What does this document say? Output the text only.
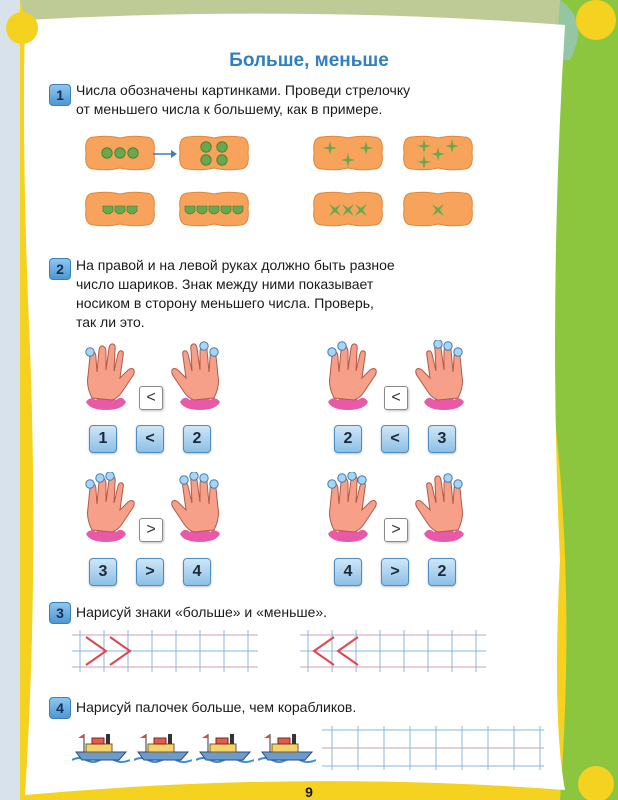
Больше, меньше
1 Числа обозначены картинками. Проведи стрелочку
от меньшего числа к большему, как в примере.
2 На правой и на левой руках должно быть разное
число шариков. Знак между ними показывает
носиком в сторону меньшего числа. Проверь,
так ли это.
<	<
1	<	2	2	<	3
>	>
3	>	4	4	>	2
3 Нарисуй знаки «больше» и «меньше».
4 Нарисуй палочек больше, чем корабликов.
9
